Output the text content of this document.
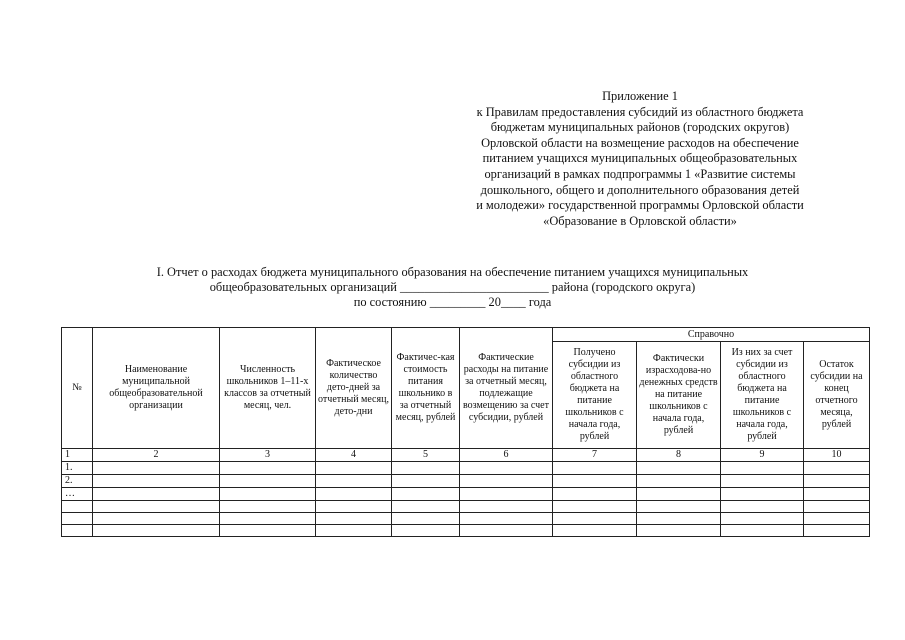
Приложение 1
к Правилам предоставления субсидий из областного бюджета
бюджетам муниципальных районов (городских округов)
Орловской области на возмещение расходов на обеспечение
питанием учащихся муниципальных общеобразовательных
организаций в рамках подпрограммы 1 «Развитие системы
дошкольного, общего и дополнительного образования детей
и молодежи» государственной программы Орловской области
«Образование в Орловской области»
I. Отчет о расходах бюджета муниципального образования на обеспечение питанием учащихся муниципальных
общеобразовательных организаций ________________________ района (городского округа)
по состоянию _________ 20____ года
№	Наименование муниципальной общеобразовательной организации	Численность школьников 1–11-х классов за отчетный месяц, чел.	Фактическое количество дето-дней за отчетный месяц, дето-дни	Фактичес-кая стоимость питания школьнико в за отчетный месяц, рублей	Фактические расходы на питание за отчетный месяц, подлежащие возмещению за счет субсидии, рублей	Справочно			
						Получено субсидии из областного бюджета на питание школьников с начала года, рублей	Фактически израсходова-но денежных средств на питание школьников с начала года, рублей	Из них за счет субсидии из областного бюджета на питание школьников с начала года, рублей	Остаток субсидии на конец отчетного месяца, рублей
1	2	3	4	5	6	7	8	9	10
1.									
2.									
…									
